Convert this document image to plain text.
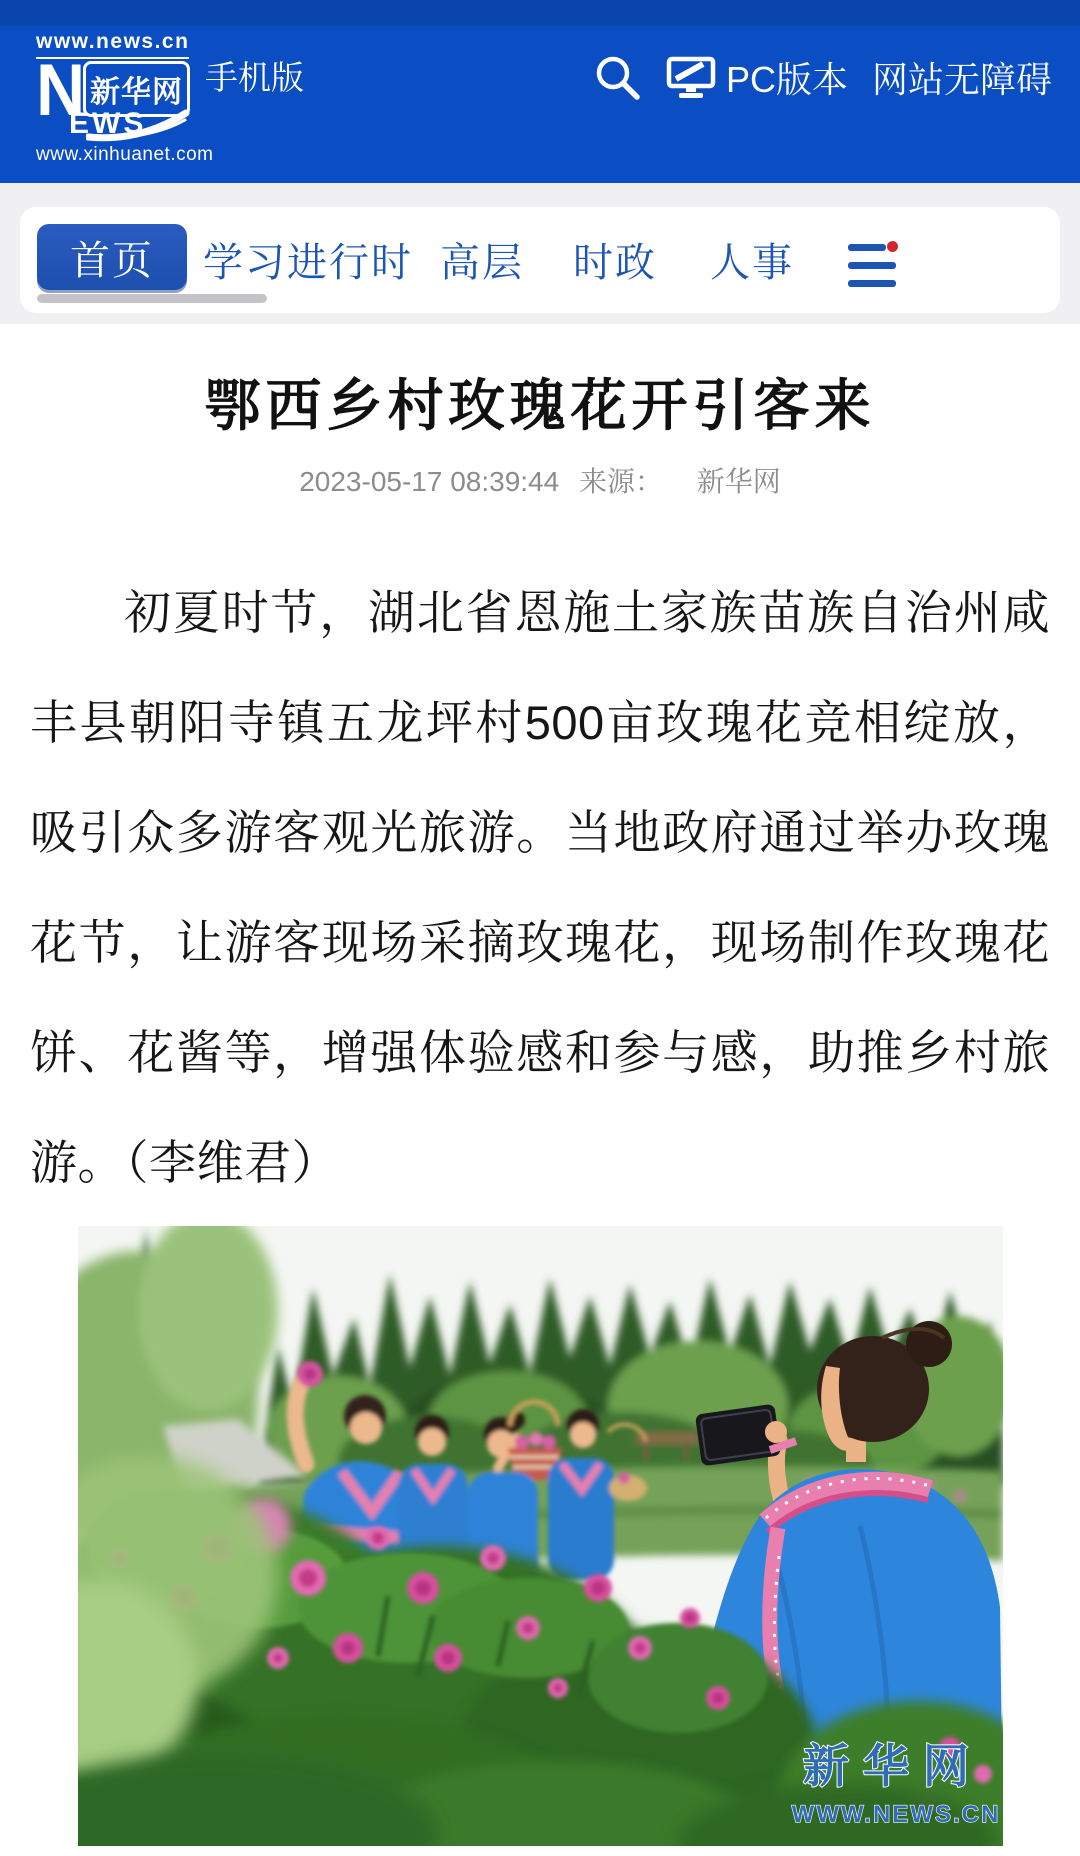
www.news.cn
N 新华网
EWS
www.xinhuanet.com
手机版	PC版本 网站无障碍
首页	学习进行时 高层 时政 人事
鄂西乡村玫瑰花开引客来
2023-05-17 08:39:44 来源： 新华网

初夏时节，湖北省恩施土家族苗族自治州咸丰县朝阳寺镇五龙坪村500亩玫瑰花竞相绽放，吸引众多游客观光旅游。当地政府通过举办玫瑰花节，让游客现场采摘玫瑰花，现场制作玫瑰花饼、花酱等，增强体验感和参与感，助推乡村旅游。（李维君）

新华网
WWW.NEWS.CN
